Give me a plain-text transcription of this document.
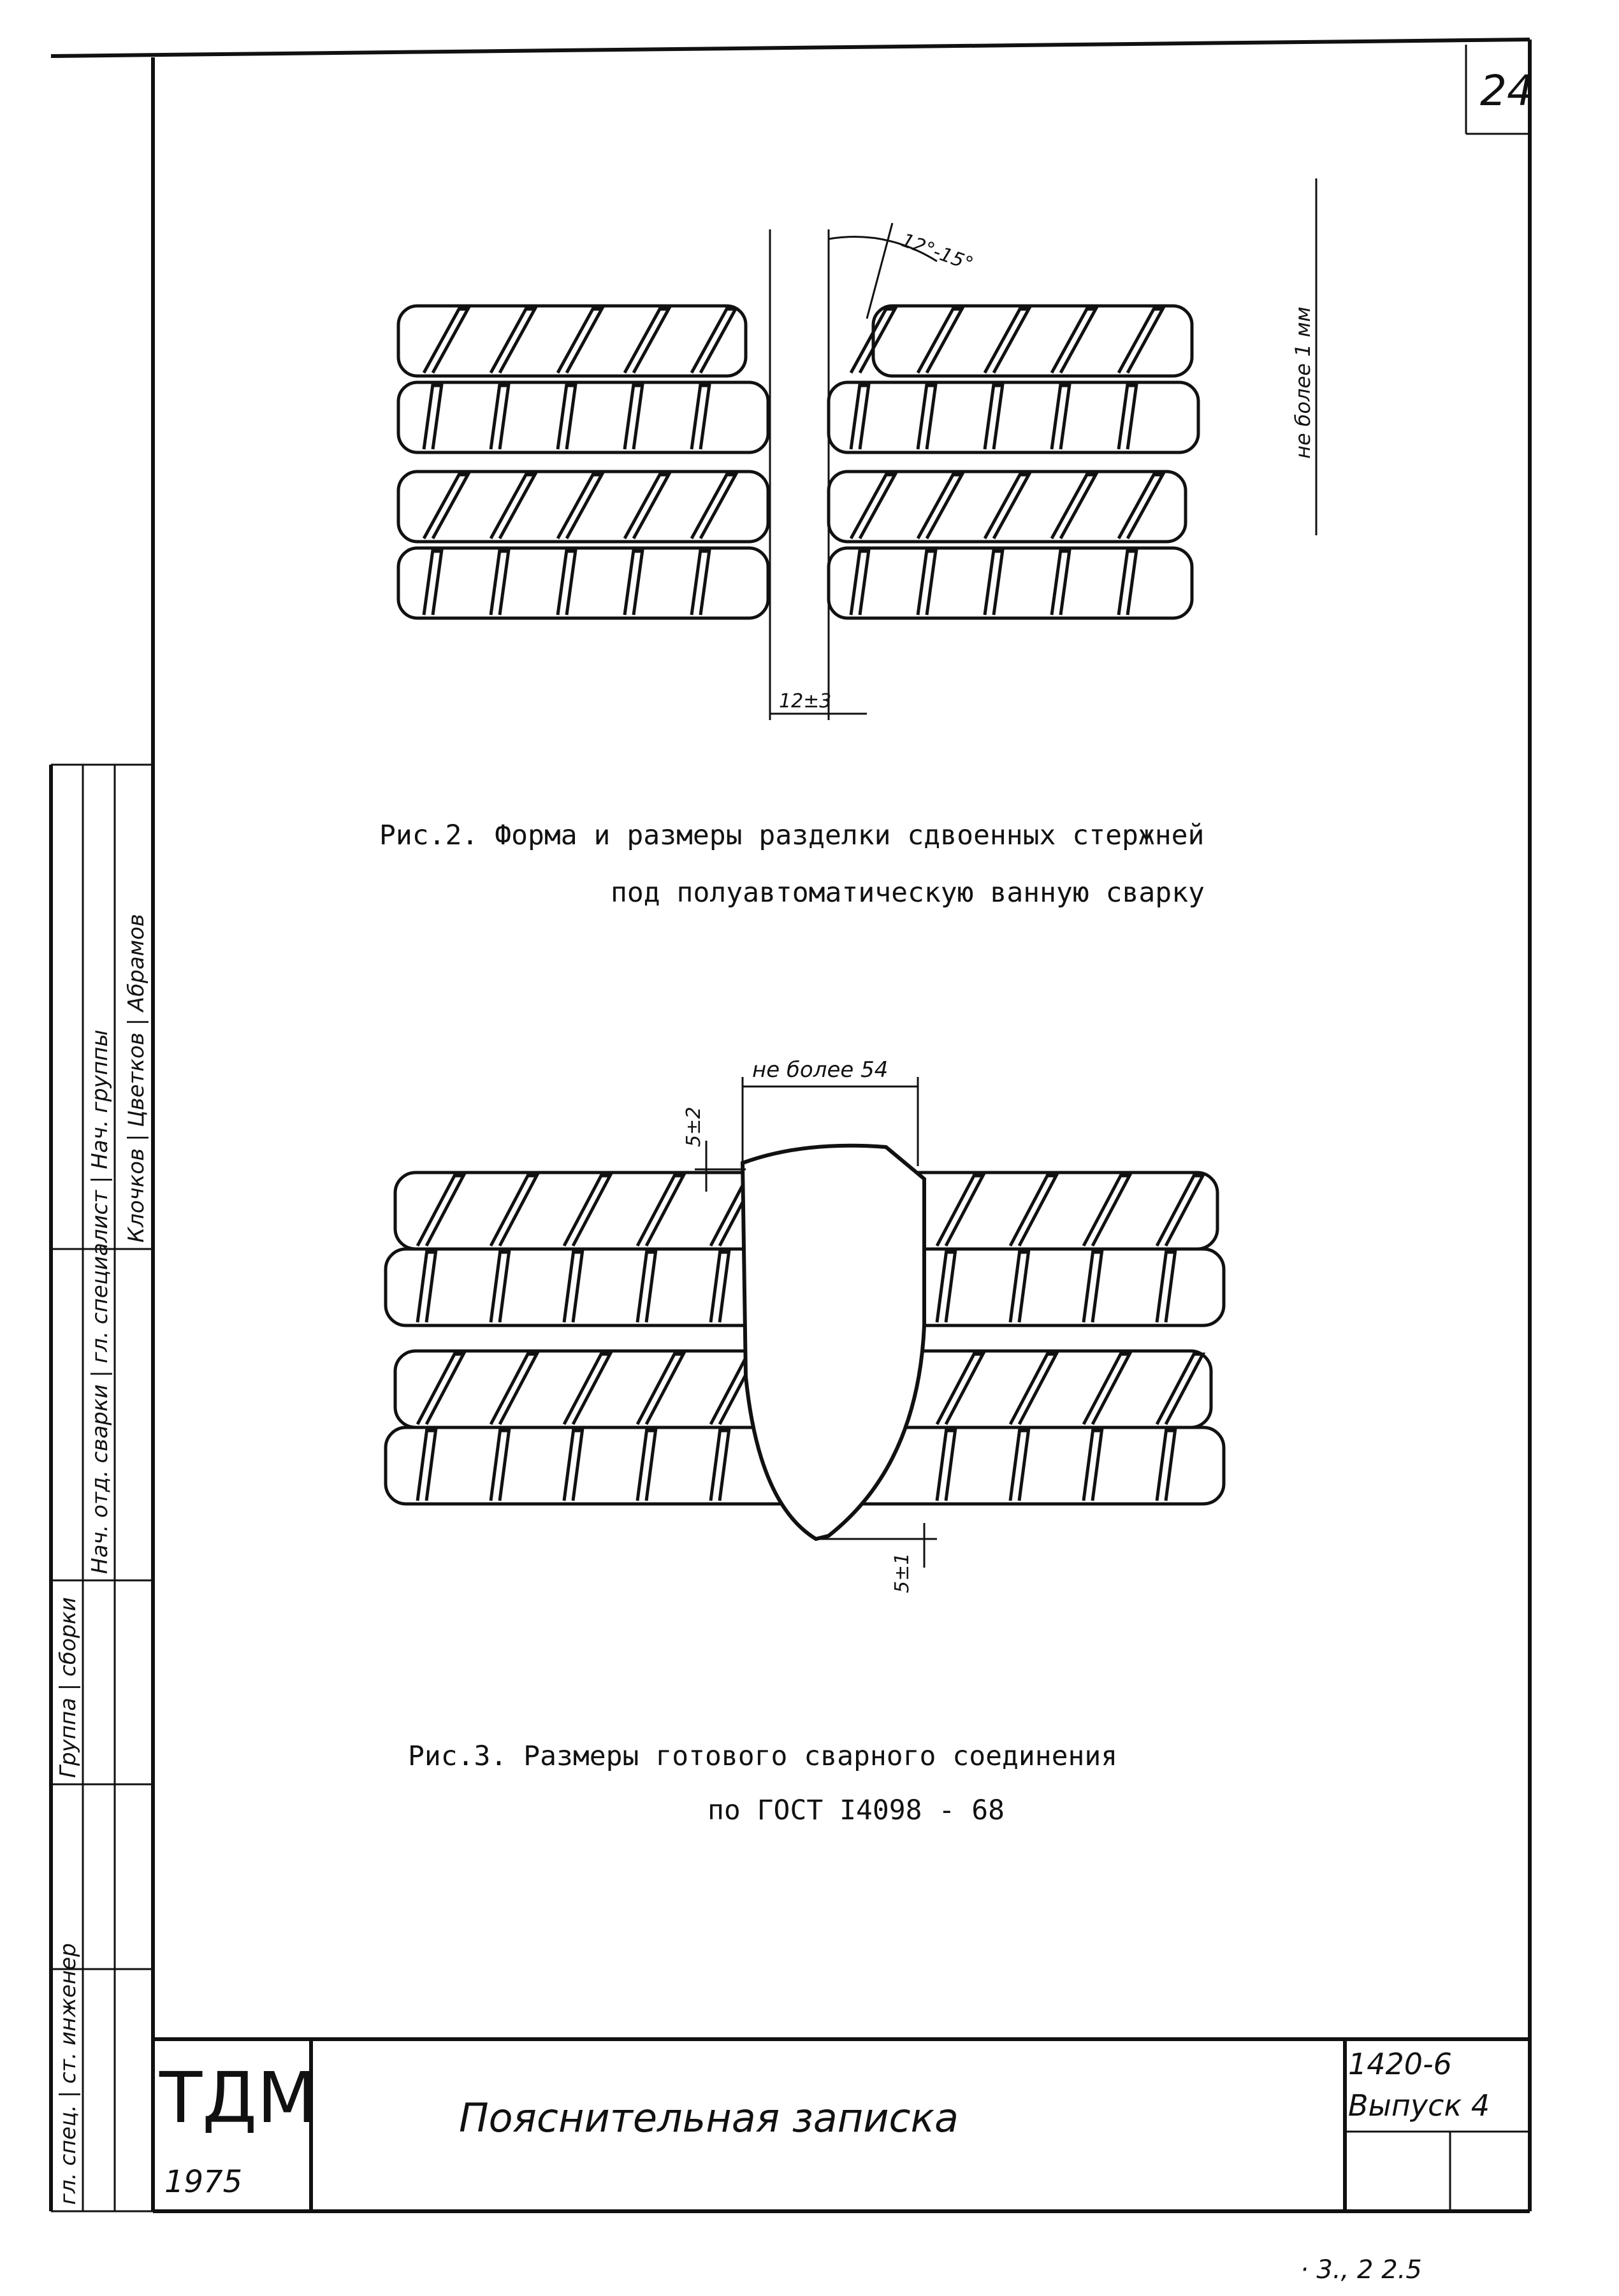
24
12±3
12°-15°
не более 1 мм
Рис.2. Форма и размеры разделки сдвоенных стержней
под полуавтоматическую ванную сварку
не более 54
5±2
5±1
Рис.3. Размеры готового сварного соединения
по ГОСТ I4098 - 68
ТДМ
1975
Пояснительная записка
1420-6
Выпуск 4
· 3., 2 2.5
гл. спец. | ст. инженер
Группа | сборки
Нач. отд. сварки | гл. специалист | Нач. группы Клочков | Цветков | Абрамов
